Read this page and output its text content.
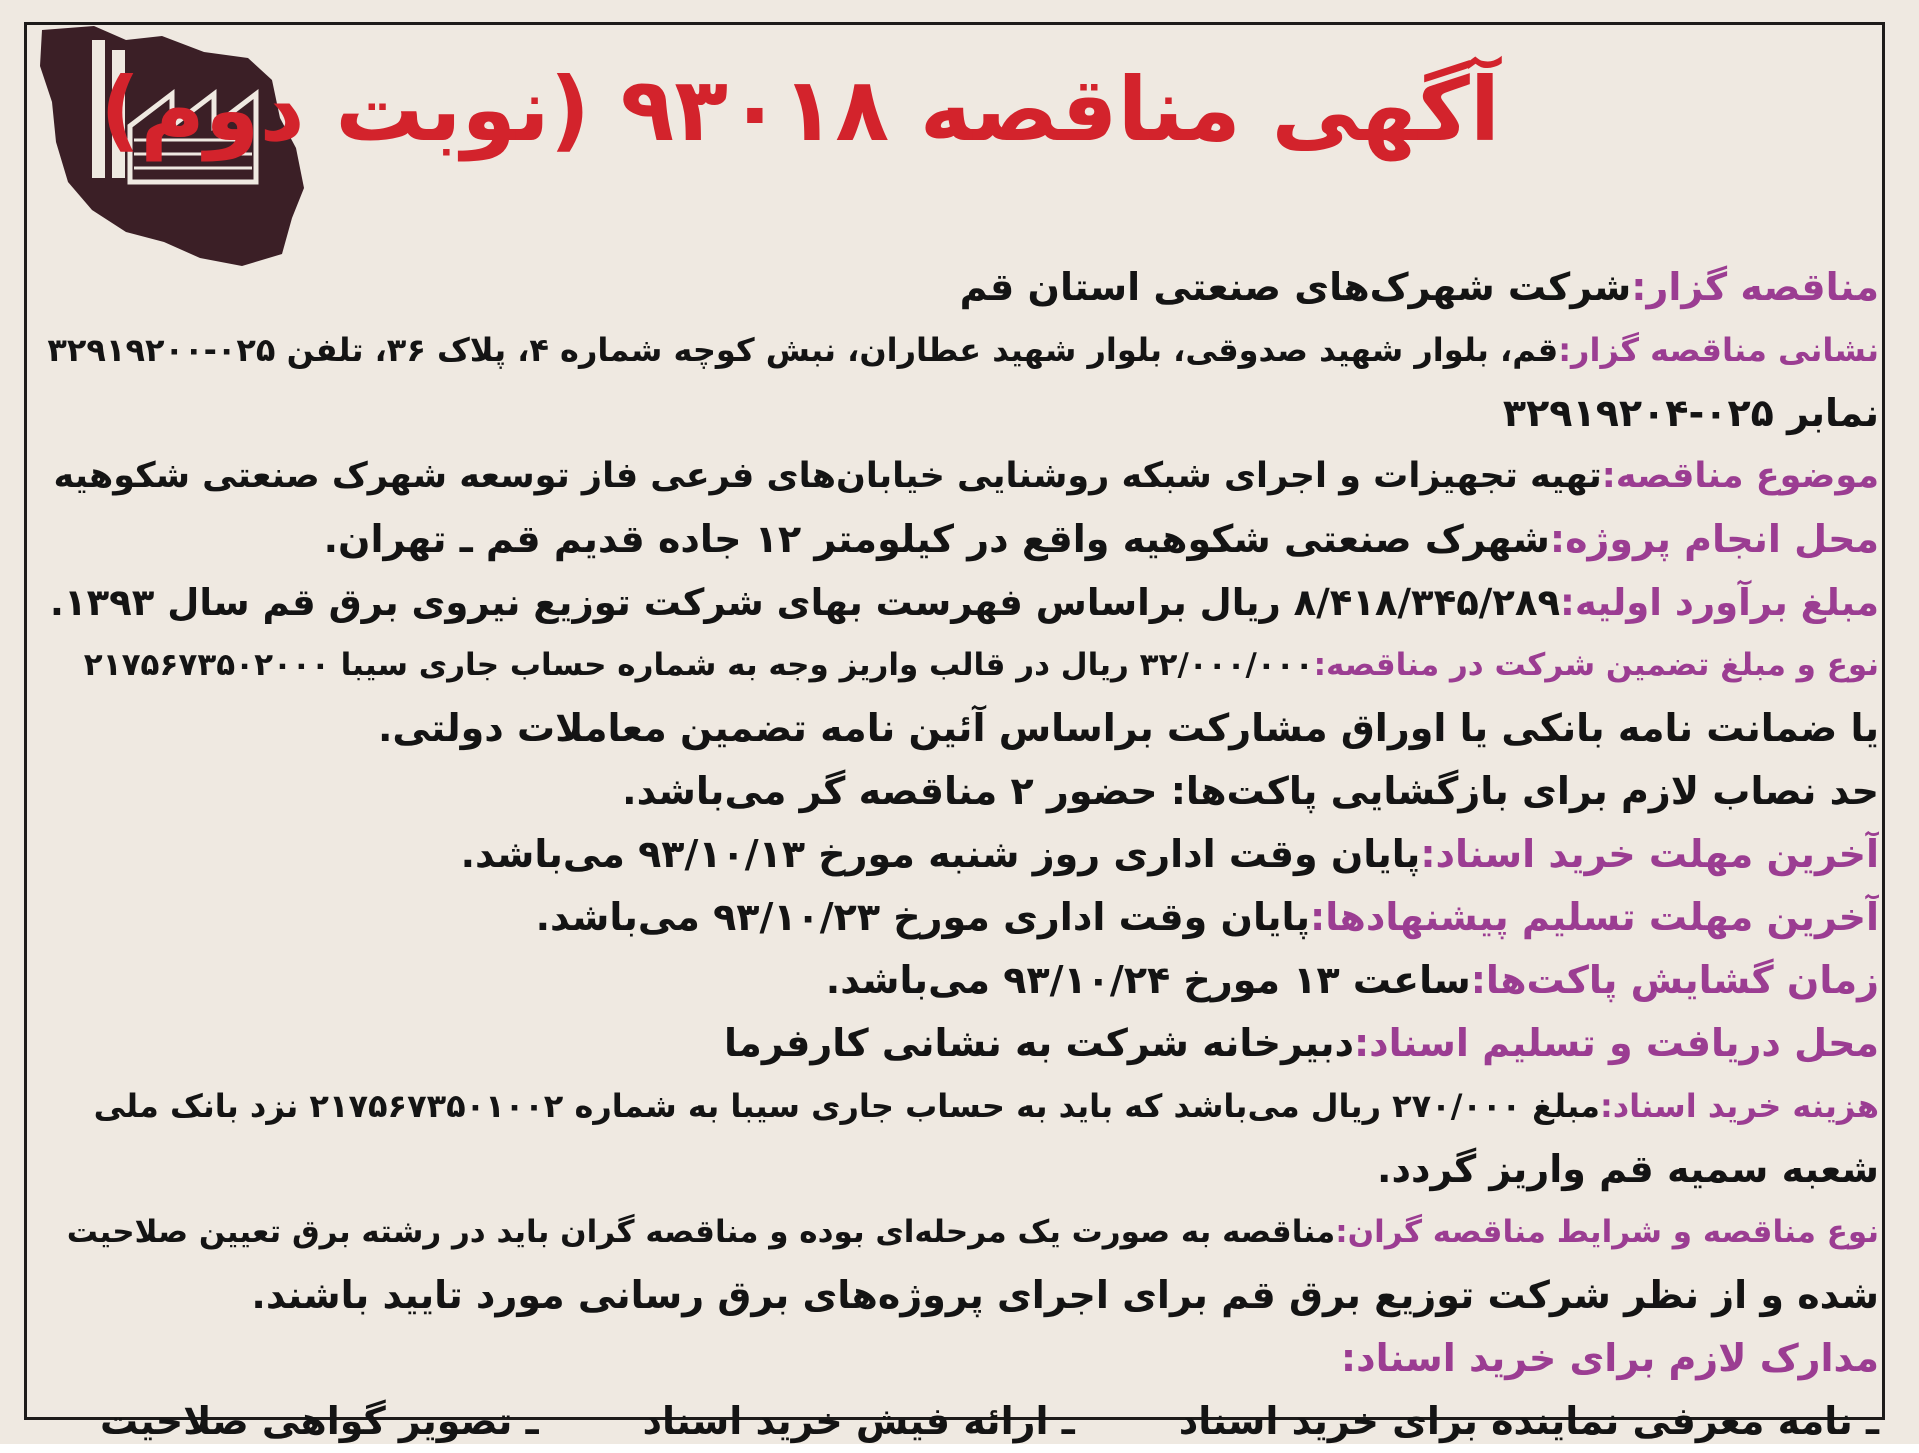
آگهی مناقصه ۹۳۰۱۸ (نوبت دوم)
مناقصه گزار:شرکت شهرک‌های صنعتی استان قم
نشانی مناقصه گزار:قم، بلوار شهید صدوقی، بلوار شهید عطاران، نبش کوچه شماره ۴، پلاک ۳۶، تلفن ۰۲۵-۳۲۹۱۹۲۰۰
نمابر ۰۲۵-۳۲۹۱۹۲۰۴
موضوع مناقصه:تهیه تجهیزات و اجرای شبکه روشنایی خیابان‌های فرعی فاز توسعه شهرک صنعتی شکوهیه
محل انجام پروژه:شهرک صنعتی شکوهیه واقع در کیلومتر ۱۲ جاده قدیم قم ـ تهران.
مبلغ برآورد اولیه:۸/۴۱۸/۳۴۵/۲۸۹ ریال براساس فهرست بهای شرکت توزیع نیروی برق قم سال ۱۳۹۳.
نوع و مبلغ تضمین شرکت در مناقصه:۳۲/۰۰۰/۰۰۰ ریال در قالب واریز وجه به شماره حساب جاری سیبا ۲۱۷۵۶۷۳۵۰۲۰۰۰
یا ضمانت نامه بانکی یا اوراق مشارکت براساس آئین نامه تضمین معاملات دولتی.
حد نصاب لازم برای بازگشایی پاکت‌ها: حضور ۲ مناقصه گر می‌باشد.
آخرین مهلت خرید اسناد:پایان وقت اداری روز شنبه مورخ ۹۳/۱۰/۱۳ می‌باشد.
آخرین مهلت تسلیم پیشنهادها:پایان وقت اداری مورخ ۹۳/۱۰/۲۳ می‌باشد.
زمان گشایش پاکت‌ها:ساعت ۱۳ مورخ ۹۳/۱۰/۲۴ می‌باشد.
محل دریافت و تسلیم اسناد:دبیرخانه شرکت به نشانی کارفرما
هزینه خرید اسناد:مبلغ ۲۷۰/۰۰۰ ریال می‌باشد که باید به حساب جاری سیبا به شماره ۲۱۷۵۶۷۳۵۰۱۰۰۲ نزد بانک ملی
شعبه سمیه قم واریز گردد.
نوع مناقصه و شرایط مناقصه گران:مناقصه به صورت یک مرحله‌ای بوده و مناقصه گران باید در رشته برق تعیین صلاحیت
شده و از نظر شرکت توزیع برق قم برای اجرای پروژه‌های برق رسانی مورد تایید باشند.
مدارک لازم برای خرید اسناد:
ـ نامه معرفی نماینده برای خرید اسناد
ـ ارائه فیش خرید اسناد
ـ تصویر گواهی صلاحیت
